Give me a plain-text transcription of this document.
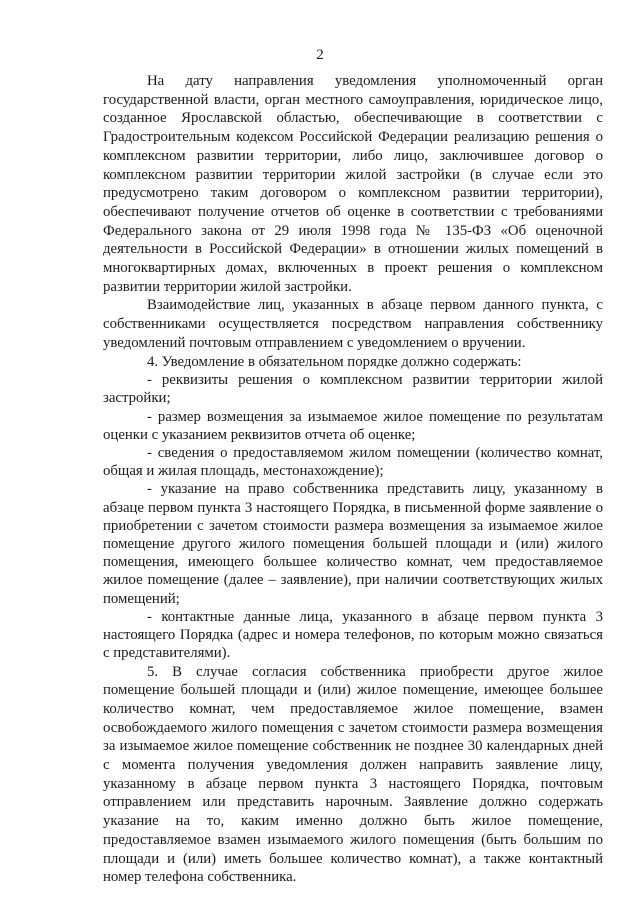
2

На дату направления уведомления уполномоченный орган государственной власти, орган местного самоуправления, юридическое лицо, созданное Ярославской областью, обеспечивающие в соответствии с Градостроительным кодексом Российской Федерации реализацию решения о комплексном развитии территории, либо лицо, заключившее договор о комплексном развитии территории жилой застройки (в случае если это предусмотрено таким договором о комплексном развитии территории), обеспечивают получение отчетов об оценке в соответствии с требованиями Федерального закона от 29 июля 1998 года № 135-ФЗ «Об оценочной деятельности в Российской Федерации» в отношении жилых помещений в многоквартирных домах, включенных в проект решения о комплексном развитии территории жилой застройки.

Взаимодействие лиц, указанных в абзаце первом данного пункта, с собственниками осуществляется посредством направления собственнику уведомлений почтовым отправлением с уведомлением о вручении.

4. Уведомление в обязательном порядке должно содержать:

- реквизиты решения о комплексном развитии территории жилой застройки;

- размер возмещения за изымаемое жилое помещение по результатам оценки с указанием реквизитов отчета об оценке;

- сведения о предоставляемом жилом помещении (количество комнат, общая и жилая площадь, местонахождение);

- указание на право собственника представить лицу, указанному в абзаце первом пункта 3 настоящего Порядка, в письменной форме заявление о приобретении с зачетом стоимости размера возмещения за изымаемое жилое помещение другого жилого помещения большей площади и (или) жилого помещения, имеющего большее количество комнат, чем предоставляемое жилое помещение (далее – заявление), при наличии соответствующих жилых помещений;

- контактные данные лица, указанного в абзаце первом пункта 3 настоящего Порядка (адрес и номера телефонов, по которым можно связаться с представителями).

5. В случае согласия собственника приобрести другое жилое помещение большей площади и (или) жилое помещение, имеющее большее количество комнат, чем предоставляемое жилое помещение, взамен освобождаемого жилого помещения с зачетом стоимости размера возмещения за изымаемое жилое помещение собственник не позднее 30 календарных дней с момента получения уведомления должен направить заявление лицу, указанному в абзаце первом пункта 3 настоящего Порядка, почтовым отправлением или представить нарочным. Заявление должно содержать указание на то, каким именно должно быть жилое помещение, предоставляемое взамен изымаемого жилого помещения (быть большим по площади и (или) иметь большее количество комнат), а также контактный номер телефона собственника.
